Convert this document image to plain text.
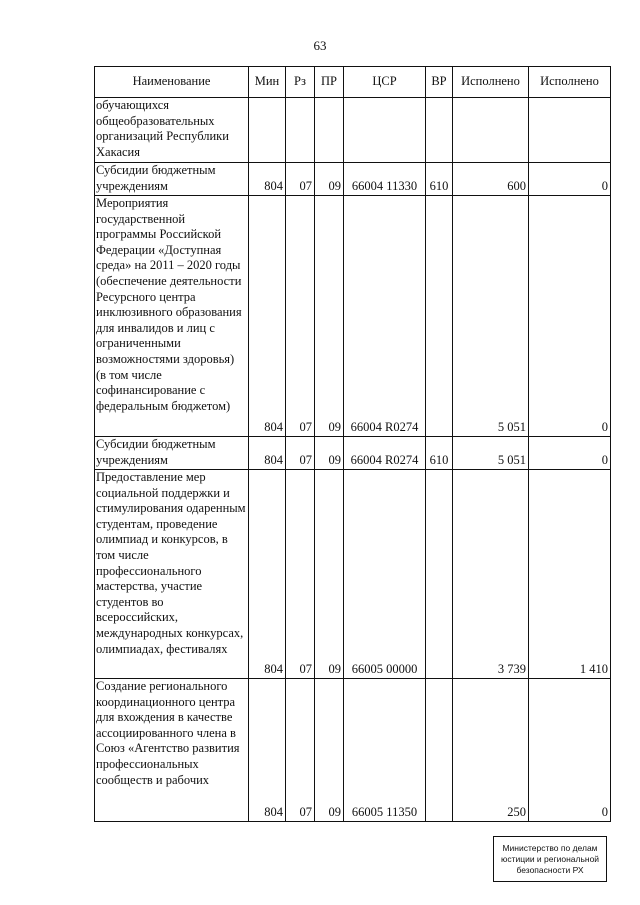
63
Наименование	Мин	Рз	ПР	ЦСР	ВР	Исполнено	Исполнено
обучающихся общеобразовательных организаций Республики Хакасия							
Субсидии бюджетным учреждениям	804	07	09	66004 11330	610	600	0
Мероприятия государственной программы Российской Федерации «Доступная среда» на 2011 – 2020 годы (обеспечение деятельности Ресурсного центра инклюзивного образования для инвалидов и лиц с ограниченными возможностями здоровья) (в том числе софинансирование с федеральным бюджетом)	804	07	09	66004 R0274		5 051	0
Субсидии бюджетным учреждениям	804	07	09	66004 R0274	610	5 051	0
Предоставление мер социальной поддержки и стимулирования одаренным студентам, проведение олимпиад и конкурсов, в том числе профессионального мастерства, участие студентов во всероссийских, международных конкурсах, олимпиадах, фестивалях	804	07	09	66005 00000		3 739	1 410
Создание регионального координационного центра для вхождения в качестве ассоциированного члена в Союз «Агентство развития профессиональных сообществ и рабочих	804	07	09	66005 11350		250	0
Министерство по делам
юстиции и региональной
безопасности РХ
